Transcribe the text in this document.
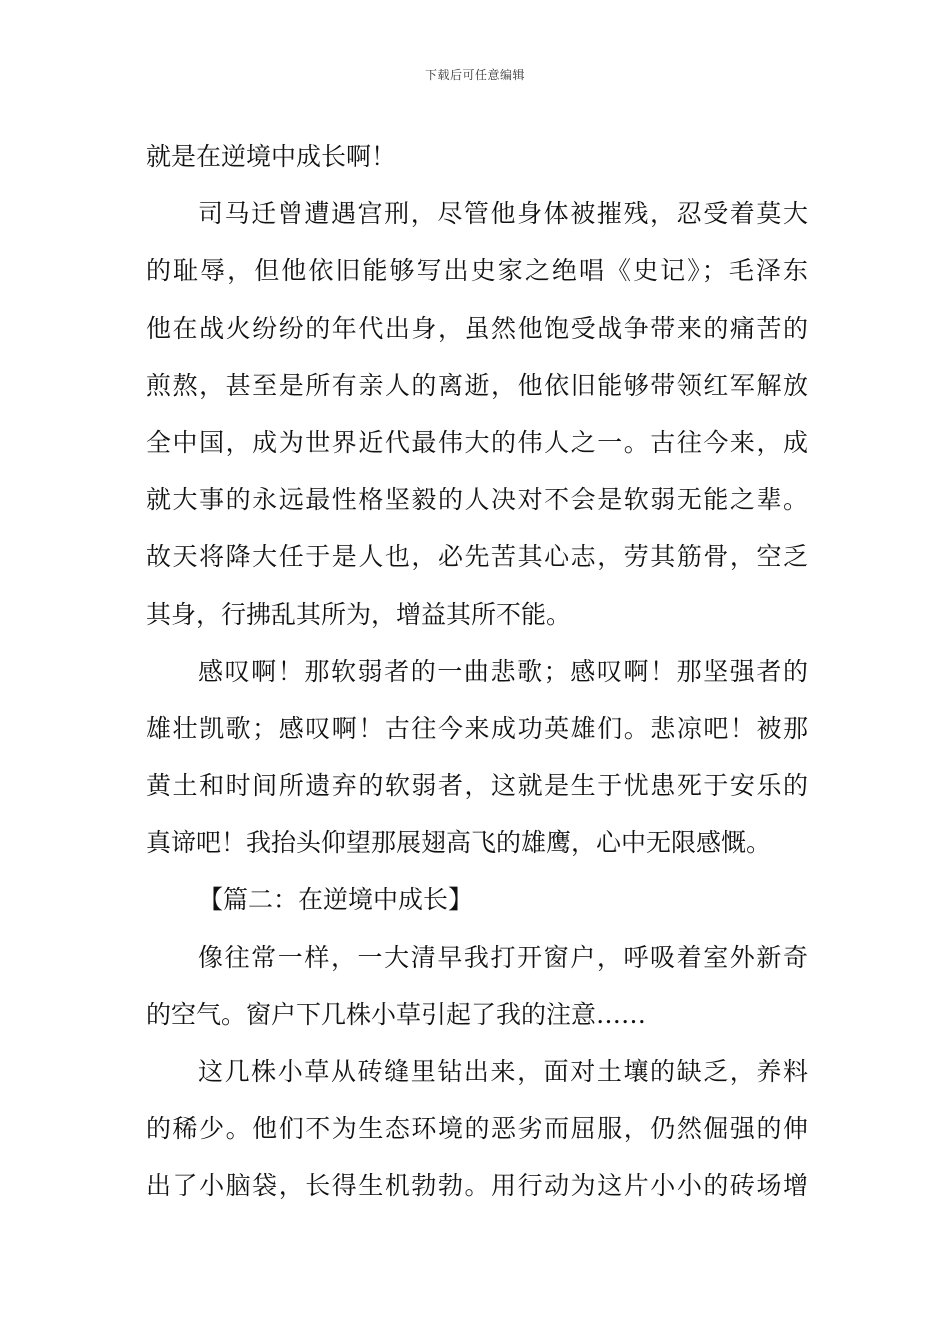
下载后可任意编辑
就是在逆境中成长啊！
司马迁曾遭遇宫刑，尽管他身体被摧残，忍受着莫大
的耻辱，但他依旧能够写出史家之绝唱《史记》；毛泽东
他在战火纷纷的年代出身，虽然他饱受战争带来的痛苦的
煎熬，甚至是所有亲人的离逝，他依旧能够带领红军解放
全中国，成为世界近代最伟大的伟人之一。古往今来，成
就大事的永远最性格坚毅的人决对不会是软弱无能之辈。
故天将降大任于是人也，必先苦其心志，劳其筋骨，空乏
其身，行拂乱其所为，增益其所不能。
感叹啊！那软弱者的一曲悲歌；感叹啊！那坚强者的
雄壮凯歌；感叹啊！古往今来成功英雄们。悲凉吧！被那
黄土和时间所遗弃的软弱者，这就是生于忧患死于安乐的
真谛吧！我抬头仰望那展翅高飞的雄鹰，心中无限感慨。
【篇二：在逆境中成长】
像往常一样，一大清早我打开窗户，呼吸着室外新奇
的空气。窗户下几株小草引起了我的注意……
这几株小草从砖缝里钻出来，面对土壤的缺乏，养料
的稀少。他们不为生态环境的恶劣而屈服，仍然倔强的伸
出了小脑袋，长得生机勃勃。用行动为这片小小的砖场增
